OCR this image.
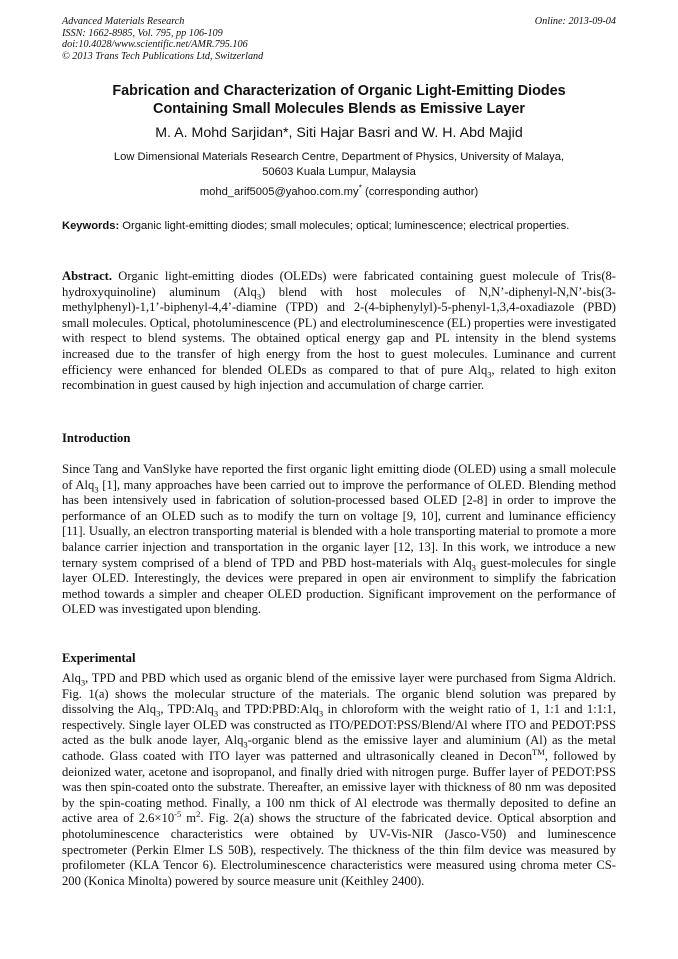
Advanced Materials Research
ISSN: 1662-8985, Vol. 795, pp 106-109
doi:10.4028/www.scientific.net/AMR.795.106
© 2013 Trans Tech Publications Ltd, Switzerland
Online: 2013-09-04
Fabrication and Characterization of Organic Light-Emitting Diodes
Containing Small Molecules Blends as Emissive Layer
M. A. Mohd Sarjidan*, Siti Hajar Basri and W. H. Abd Majid
Low Dimensional Materials Research Centre, Department of Physics, University of Malaya,
50603 Kuala Lumpur, Malaysia
mohd_arif5005@yahoo.com.my* (corresponding author)
Keywords: Organic light-emitting diodes; small molecules; optical; luminescence; electrical properties.
Abstract. Organic light-emitting diodes (OLEDs) were fabricated containing guest molecule of Tris(8-hydroxyquinoline) aluminum (Alq$_3$) blend with host molecules of N,N’-diphenyl-N,N’-bis(3-methylphenyl)-1,1’-biphenyl-4,4’-diamine (TPD) and 2-(4-biphenylyl)-5-phenyl-1,3,4-oxadiazole (PBD) small molecules. Optical, photoluminescence (PL) and electroluminescence (EL) properties were investigated with respect to blend systems. The obtained optical energy gap and PL intensity in the blend systems increased due to the transfer of high energy from the host to guest molecules. Luminance and current efficiency were enhanced for blended OLEDs as compared to that of pure Alq$_3$, related to high exiton recombination in guest caused by high injection and accumulation of charge carrier.
Introduction
Since Tang and VanSlyke have reported the first organic light emitting diode (OLED) using a small molecule of Alq$_3$ [1], many approaches have been carried out to improve the performance of OLED. Blending method has been intensively used in fabrication of solution-processed based OLED [2-8] in order to improve the performance of an OLED such as to modify the turn on voltage [9, 10], current and luminance efficiency [11]. Usually, an electron transporting material is blended with a hole transporting material to promote a more balance carrier injection and transportation in the organic layer [12, 13]. In this work, we introduce a new ternary system comprised of a blend of TPD and PBD host-materials with Alq$_3$ guest-molecules for single layer OLED. Interestingly, the devices were prepared in open air environment to simplify the fabrication method towards a simpler and cheaper OLED production. Significant improvement on the performance of OLED was investigated upon blending.
Experimental
Alq$_3$, TPD and PBD which used as organic blend of the emissive layer were purchased from Sigma Aldrich. Fig. 1(a) shows the molecular structure of the materials. The organic blend solution was prepared by dissolving the Alq$_3$, TPD:Alq$_3$ and TPD:PBD:Alq$_3$ in chloroform with the weight ratio of 1, 1:1 and 1:1:1, respectively. Single layer OLED was constructed as ITO/PEDOT:PSS/Blend/Al where ITO and PEDOT:PSS acted as the bulk anode layer, Alq$_3$-organic blend as the emissive layer and aluminium (Al) as the metal cathode. Glass coated with ITO layer was patterned and ultrasonically cleaned in Decon™, followed by deionized water, acetone and isopropanol, and finally dried with nitrogen purge. Buffer layer of PEDOT:PSS was then spin-coated onto the substrate. Thereafter, an emissive layer with thickness of 80 nm was deposited by the spin-coating method. Finally, a 100 nm thick of Al electrode was thermally deposited to define an active area of $2.6\times 10^{-5}$ $m^2$. Fig. 2(a) shows the structure of the fabricated device. Optical absorption and photoluminescence characteristics were obtained by UV-Vis-NIR (Jasco-V50) and luminescence spectrometer (Perkin Elmer LS 50B), respectively. The thickness of the thin film device was measured by profilometer (KLA Tencor 6). Electroluminescence characteristics were measured using chroma meter CS-200 (Konica Minolta) powered by source measure unit (Keithley 2400).
